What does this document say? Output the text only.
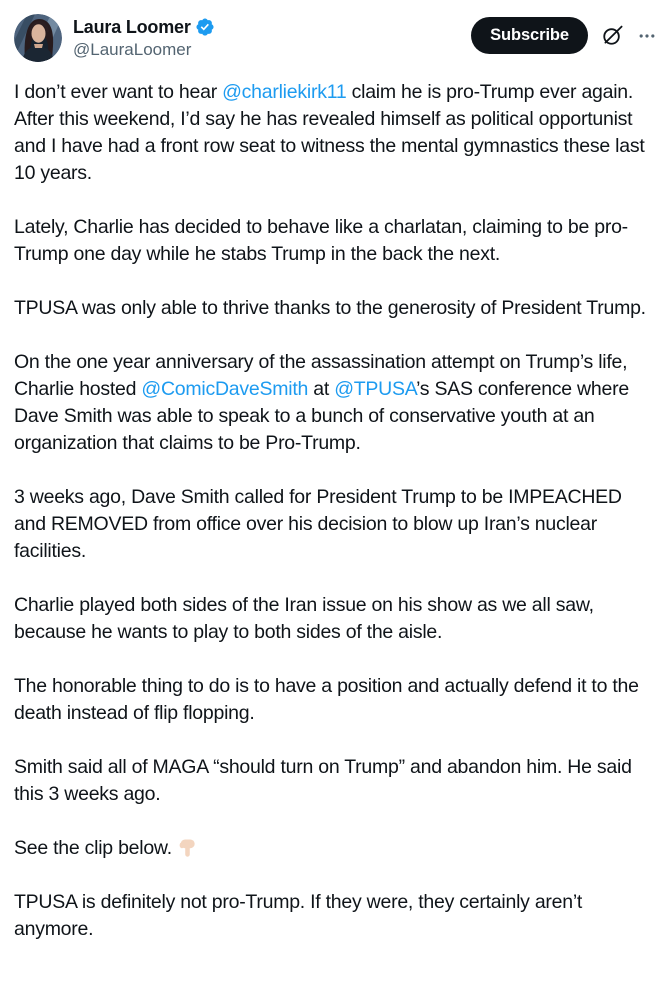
Laura Loomer
@LauraLoomer
Subscribe

I don’t ever want to hear @charliekirk11 claim he is pro-Trump ever again. After this weekend, I’d say he has revealed himself as political opportunist and I have had a front row seat to witness the mental gymnastics these last 10 years.

Lately, Charlie has decided to behave like a charlatan, claiming to be pro-Trump one day while he stabs Trump in the back the next.

TPUSA was only able to thrive thanks to the generosity of President Trump.

On the one year anniversary of the assassination attempt on Trump’s life, Charlie hosted @ComicDaveSmith at @TPUSA’s SAS conference where Dave Smith was able to speak to a bunch of conservative youth at an organization that claims to be Pro-Trump.

3 weeks ago, Dave Smith called for President Trump to be IMPEACHED and REMOVED from office over his decision to blow up Iran’s nuclear facilities.

Charlie played both sides of the Iran issue on his show as we all saw, because he wants to play to both sides of the aisle.

The honorable thing to do is to have a position and actually defend it to the death instead of flip flopping.

Smith said all of MAGA “should turn on Trump” and abandon him. He said this 3 weeks ago.

See the clip below.

TPUSA is definitely not pro-Trump. If they were, they certainly aren’t anymore.
